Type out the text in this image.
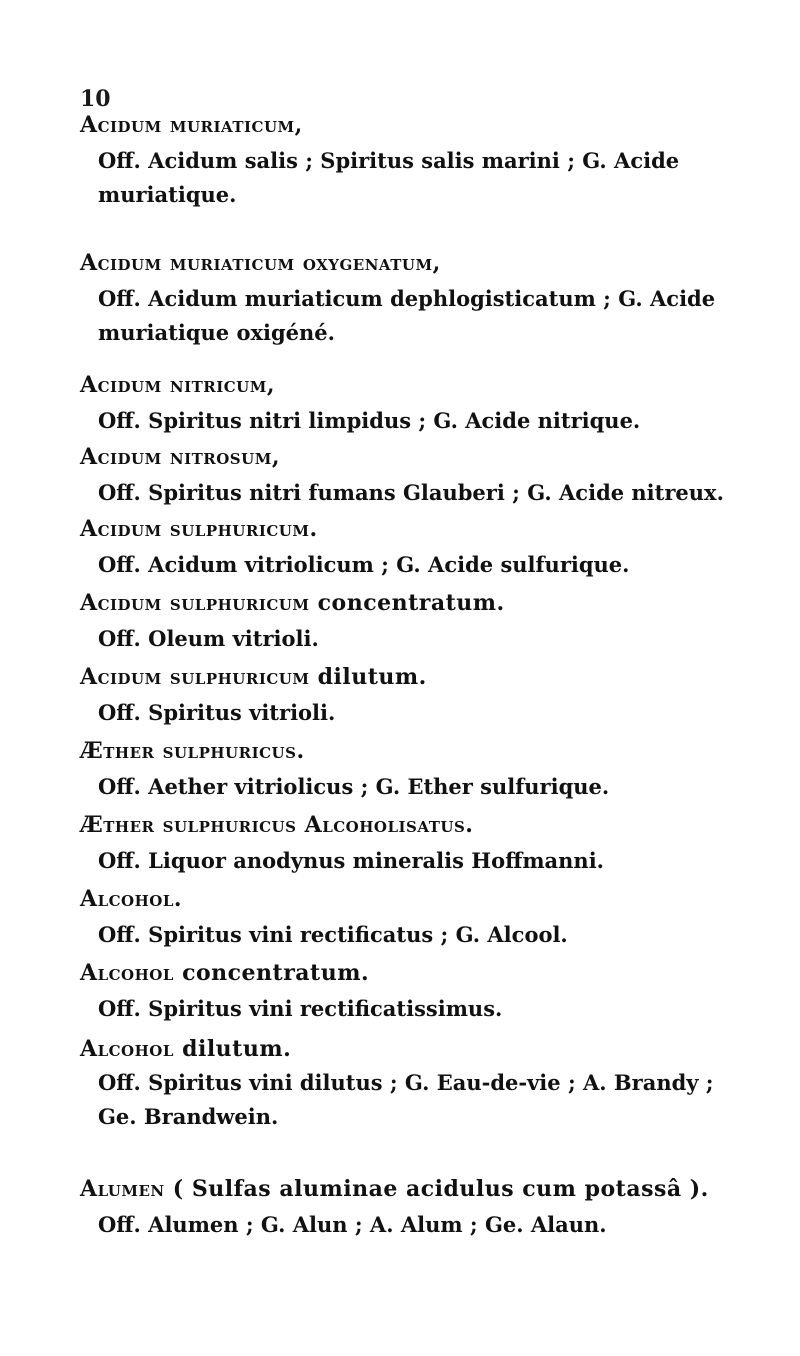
10
Acidum muriaticum,
Off. Acidum salis ; Spiritus salis marini ; G. Acide muriatique.
Acidum muriaticum oxygenatum,
Off. Acidum muriaticum dephlogisticatum ; G. Acide muriatique oxigéné.
Acidum nitricum,
Off. Spiritus nitri limpidus ; G. Acide nitrique.
Acidum nitrosum,
Off. Spiritus nitri fumans Glauberi ; G. Acide nitreux.
Acidum sulphuricum.
Off. Acidum vitriolicum ; G. Acide sulfurique.
Acidum sulphuricum concentratum.
Off. Oleum vitrioli.
Acidum sulphuricum dilutum.
Off. Spiritus vitrioli.
Æther sulphuricus.
Off. Aether vitriolicus ; G. Ether sulfurique.
Æther sulphuricus Alcoholisatus.
Off. Liquor anodynus mineralis Hoffmanni.
Alcohol.
Off. Spiritus vini rectificatus ; G. Alcool.
Alcohol concentratum.
Off. Spiritus vini rectificatissimus.
Alcohol dilutum.
Off. Spiritus vini dilutus ; G. Eau-de-vie ; A. Brandy ; Ge. Brandwein.
Alumen ( Sulfas aluminae acidulus cum potassâ ).
Off. Alumen ; G. Alun ; A. Alum ; Ge. Alaun.
